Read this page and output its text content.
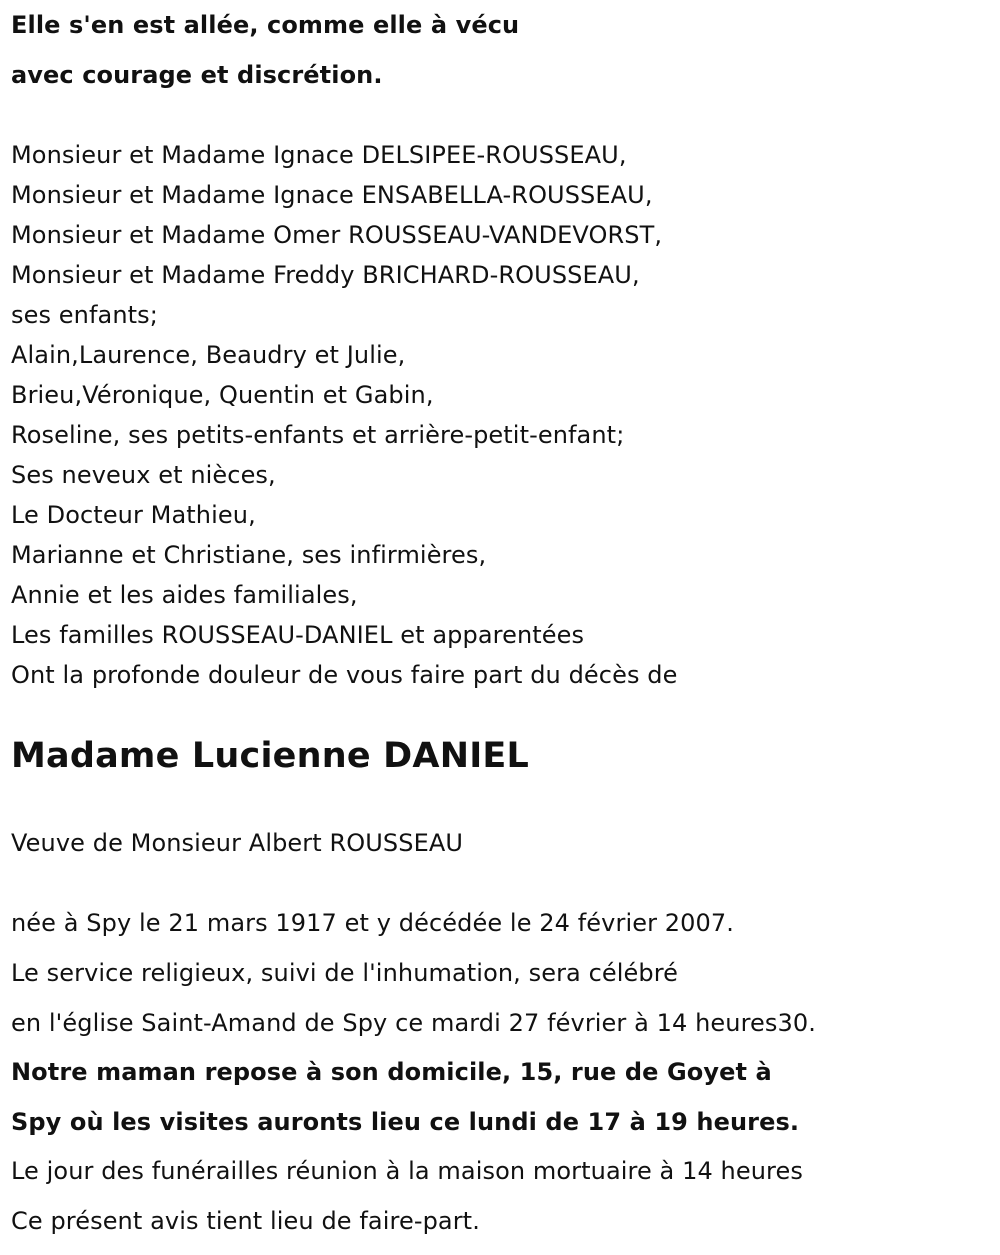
Elle s'en est allée, comme elle à vécu
avec courage et discrétion.
Monsieur et Madame Ignace DELSIPEE-ROUSSEAU,
Monsieur et Madame Ignace ENSABELLA-ROUSSEAU,
Monsieur et Madame Omer ROUSSEAU-VANDEVORST,
Monsieur et Madame Freddy BRICHARD-ROUSSEAU,
ses enfants;
Alain,Laurence, Beaudry et Julie,
Brieu,Véronique, Quentin et Gabin,
Roseline, ses petits-enfants et arrière-petit-enfant;
Ses neveux et nièces,
Le Docteur Mathieu,
Marianne et Christiane, ses infirmières,
Annie et les aides familiales,
Les familles ROUSSEAU-DANIEL et apparentées
Ont la profonde douleur de vous faire part du décès de
Madame Lucienne DANIEL
Veuve de Monsieur Albert ROUSSEAU
née à Spy le 21 mars 1917 et y décédée le 24 février 2007.
Le service religieux, suivi de l'inhumation, sera célébré
en l'église Saint-Amand de Spy ce mardi 27 février à 14 heures30.
Notre maman repose à son domicile, 15, rue de Goyet à
Spy où les visites auronts lieu ce lundi de 17 à 19 heures.
Le jour des funérailles réunion à la maison mortuaire à 14 heures
Ce présent avis tient lieu de faire-part.
